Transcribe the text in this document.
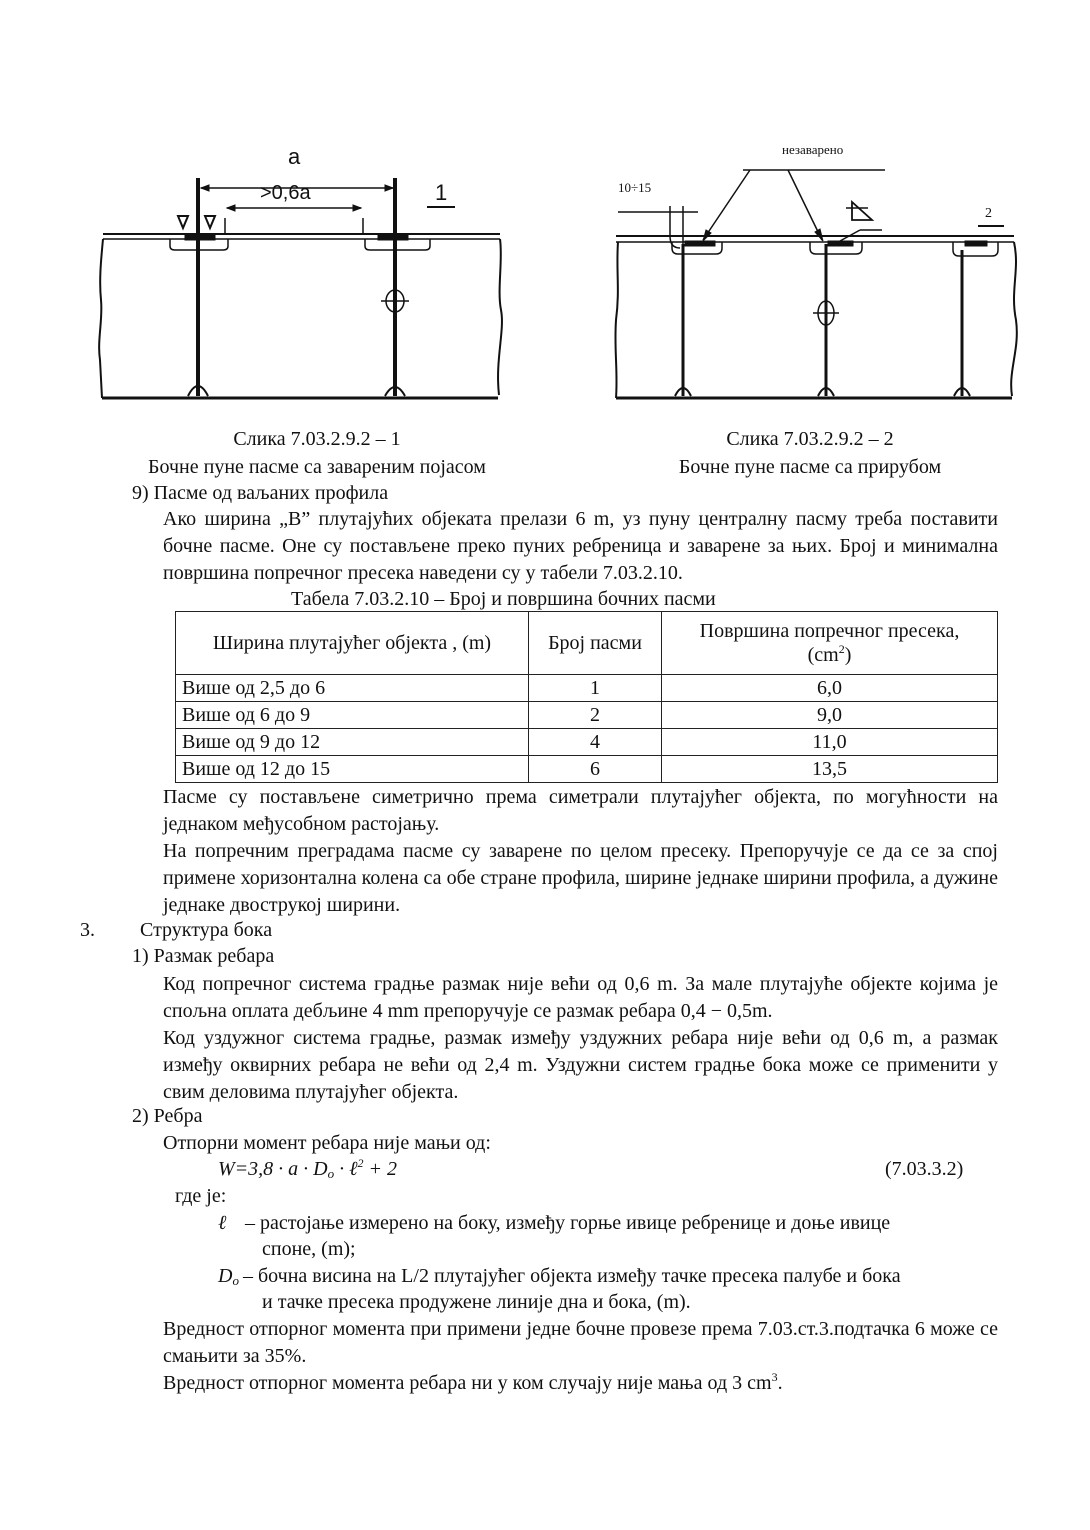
a
>0,6a	1
незаварено
10÷15
2
Слика 7.03.2.9.2 – 1
Бочне пуне пасме са завареним појасом
Слика 7.03.2.9.2 – 2
Бочне пуне пасме са прирубом
9) Пасме од ваљаних профила
Ако ширина „B” плутајућих објеката прелази 6 m, уз пуну централну пасму треба поставити бочне пасме. Оне су постављене преко пуних ребреница и заварене за њих. Број и минимална површина попречног пресека наведени су у табели 7.03.2.10.
Табела 7.03.2.10 – Број и површина бочних пасми
Ширина плутајућег објекта , (m)	Број пасми	Површина попречног пресека,
$(cm^2)$
Више од 2,5 до 6	1	6,0
Више од 6 до 9	2	9,0
Више од 9 до 12	4	11,0
Више од 12 до 15	6	13,5
Пасме су постављене симетрично према симетрали плутајућег објекта, по могућности на једнаком међусобном растојању.
На попречним преградама пасме су заварене по целом пресеку. Препоручује се да се за спој примене хоризонтална колена са обе стране профила, ширине једнаке ширини профила, а дужине једнаке двострукој ширини.
3. Структура бока
1) Размак ребара
Код попречног система градње размак није већи од 0,6 m. За мале плутајуће објекте којима је спољна оплата дебљине 4 mm препоручује се размак ребара 0,4 − 0,5m.
Код уздужног система градње, размак између уздужних ребара није већи од 0,6 m, а размак између оквирних ребара не већи од 2,4 m. Уздужни систем градње бока може се применити у свим деловима плутајућег објекта.
2) Ребра
Отпорни момент ребара није мањи од:
$W=3,8 \cdot a \cdot D_o$ · ℓ$^2$ + 2	(7.03.3.2)
где је:
ℓ – растојање измерено на боку, између горње ивице ребренице и доње ивице
споне, (m);
$D_o$ – бочна висина на L/2 плутајућег објекта између тачке пресека палубе и бока
и тачке пресека продужене линије дна и бока, (m).
Вредност отпорног момента при примени једне бочне провезе према 7.03.ст.3.подтачка 6 може се смањити за 35%.
Вредност отпорног момента ребара ни у ком случају није мања од 3 $cm^3$.
